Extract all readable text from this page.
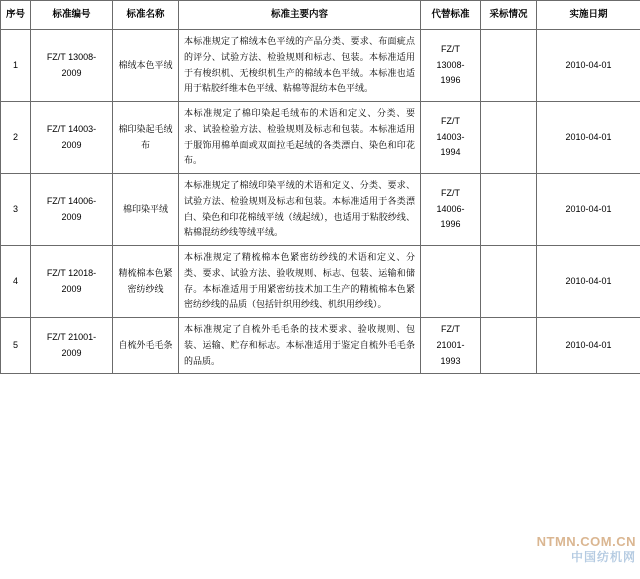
序号	标准编号	标准名称	标准主要内容	代替标准	采标情况	实施日期
1	FZ/T 13008-
2009	棉绒本色平绒	本标准规定了棉绒本色平绒的产品分类、要求、布面疵点的评分、试验方法、检验规则和标志、包装。本标准适用于有梭织机、无梭织机生产的棉绒本色平绒。本标准也适用于粘胶纤维本色平绒、粘棉等混纺本色平绒。	FZ/T
13008-
1996		2010-04-01
2	FZ/T 14003-
2009	棉印染起毛绒布	本标准规定了棉印染起毛绒布的术语和定义、分类、要求、试验检验方法、检验规则及标志和包装。本标准适用于服饰用棉单面或双面拉毛起绒的各类漂白、染色和印花布。	FZ/T
14003-
1994		2010-04-01
3	FZ/T 14006-
2009	棉印染平绒	本标准规定了棉绒印染平绒的术语和定义、分类、要求、试验方法、检验规则及标志和包装。本标准适用于各类漂白、染色和印花棉绒平绒（绒起绒），也适用于粘胶纱线、粘棉混纺纱线等绒平绒。	FZ/T
14006-
1996		2010-04-01
4	FZ/T 12018-
2009	精梳棉本色紧密纺纱线	本标准规定了精梳棉本色紧密纺纱线的术语和定义、分类、要求、试验方法、验收规则、标志、包装、运输和储存。本标准适用于用紧密纺技术加工生产的精梳棉本色紧密纺纱线的品质（包括针织用纱线、机织用纱线）。			2010-04-01
5	FZ/T 21001-
2009	自梳外毛毛条	本标准规定了自梳外毛毛条的技术要求、验收规则、包装、运输、贮存和标志。本标准适用于鉴定自梳外毛毛条的品质。	FZ/T
21001-
1993		2010-04-01
NTMN.COM.CN
中国纺机网
